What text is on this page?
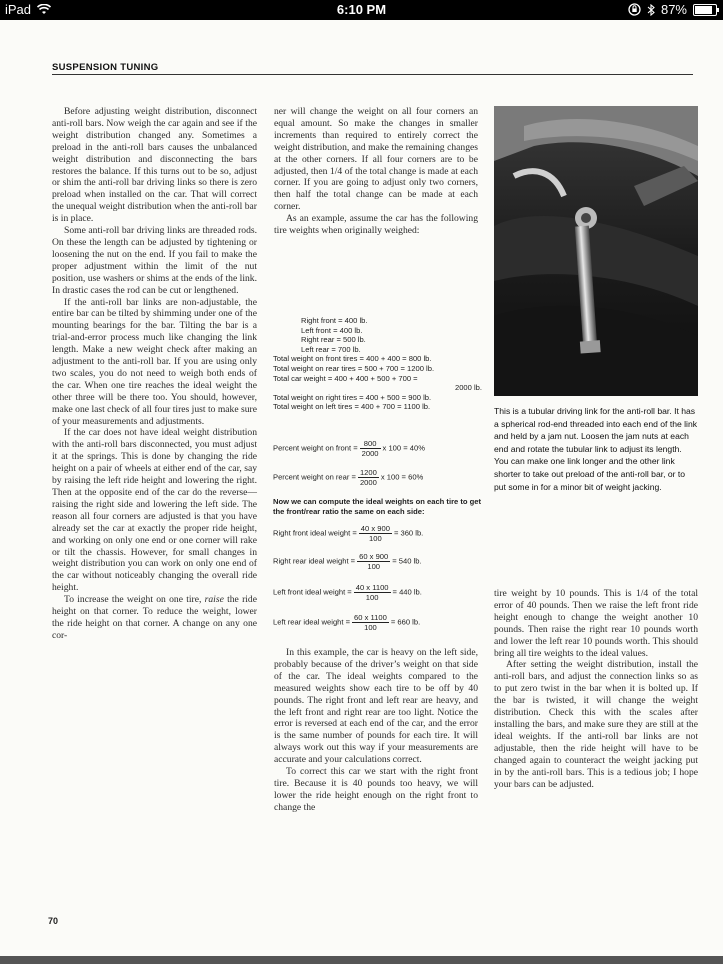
iPad	6:10 PM	87%
SUSPENSION TUNING

Before adjusting weight distribution, disconnect anti-roll bars. Now weigh the car again and see if the weight distribution changed any. Sometimes a preload in the anti-roll bars causes the unbalanced weight distribution and disconnecting the bars restores the balance. If this turns out to be so, adjust or shim the anti-roll bar driving links so there is zero preload when installed on the car. That will correct the unequal weight distribution when the anti-roll bar is in place.

Some anti-roll bar driving links are threaded rods. On these the length can be adjusted by tightening or loosening the nut on the end. If you fail to make the proper adjustment within the limit of the nut position, use washers or shims at the ends of the link. In drastic cases the rod can be cut or lengthened.

If the anti-roll bar links are non-adjustable, the entire bar can be tilted by shimming under one of the mounting bearings for the bar. Tilting the bar is a trial-and-error process much like changing the link length. Make a new weight check after making an adjustment to the anti-roll bar. If you are using only two scales, you do not need to weigh both ends of the car. When one tire reaches the ideal weight the other three will be there too. You should, however, make one last check of all four tires just to make sure of your measurements and adjustments.

If the car does not have ideal weight distribution with the anti-roll bars disconnected, you must adjust it at the springs. This is done by changing the ride height on a pair of wheels at either end of the car, say by raising the left ride height and lowering the right. Then at the opposite end of the car do the reverse—raising the right side and lowering the left side. The reason all four corners are adjusted is that you have already set the car at exactly the proper ride height, and working on only one end or one corner will rake or tilt the chassis. However, for small changes in weight distribution you can work on only one end of the car without noticeably changing the overall ride height.

To increase the weight on one tire, raise the ride height on that corner. To reduce the weight, lower the ride height on that corner. A change on any one cor-

ner will change the weight on all four corners an equal amount. So make the changes in smaller increments than required to entirely correct the weight distribution, and make the remaining changes at the other corners. If all four corners are to be adjusted, then 1/4 of the total change is made at each corner. If you are going to adjust only two corners, then half the total change can be made at each corner.

As an example, assume the car has the following tire weights when originally weighed:

Right front = 400 lb.
Left front = 400 lb.
Right rear = 500 lb.
Left rear = 700 lb.
Total weight on front tires = 400 + 400 = 800 lb.
Total weight on rear tires = 500 + 700 = 1200 lb.
Total car weight = 400 + 400 + 500 + 700 =
2000 lb.
Total weight on right tires = 400 + 500 = 900 lb.
Total weight on left tires = 400 + 700 = 1100 lb.
Percent weight on front = $\frac{800}{2000}$ x 100 = 40%
Percent weight on rear = $\frac{1200}{2000}$ x 100 = 60%
Now we can compute the ideal weights on each tire to get the front/rear ratio the same on each side:
Right front ideal weight = $\frac{40 x 900}{100} = 360$ lb.
Right rear ideal weight = $\frac{60 x 900}{100} = 540$ lb.
Left front ideal weight = $\frac{40 x 1100}{100} = 440$ lb.
Left rear ideal weight = $\frac{60 x 1100}{100} = 660$ lb.

In this example, the car is heavy on the left side, probably because of the driver’s weight on that side of the car. The ideal weights compared to the measured weights show each tire to be off by 40 pounds. The right front and left rear are heavy, and the left front and right rear are too light. Notice the error is reversed at each end of the car, and the error is the same number of pounds for each tire. It will always work out this way if your measurements are accurate and your calculations correct.

To correct this car we start with the right front tire. Because it is 40 pounds too heavy, we will lower the ride height enough on the right front to change the

This is a tubular driving link for the anti-roll bar. It has a spherical rod-end threaded into each end of the link and held by a jam nut. Loosen the jam nuts at each end and rotate the tubular link to adjust its length. You can make one link longer and the other link shorter to take out preload of the anti-roll bar, or to put some in for a minor bit of weight jacking.

tire weight by 10 pounds. This is 1/4 of the total error of 40 pounds. Then we raise the left front ride height enough to change the weight another 10 pounds. Then raise the right rear 10 pounds worth and lower the left rear 10 pounds worth. This should bring all tire weights to the ideal values.

After setting the weight distribution, install the anti-roll bars, and adjust the connection links so as to put zero twist in the bar when it is bolted up. If the bar is twisted, it will change the weight distribution. Check this with the scales after installing the bars, and make sure they are still at the ideal weights. If the anti-roll bar links are not adjustable, then the ride height will have to be changed again to counteract the weight jacking put in by the anti-roll bars. This is a tedious job; I hope your bars can be adjusted.

70
